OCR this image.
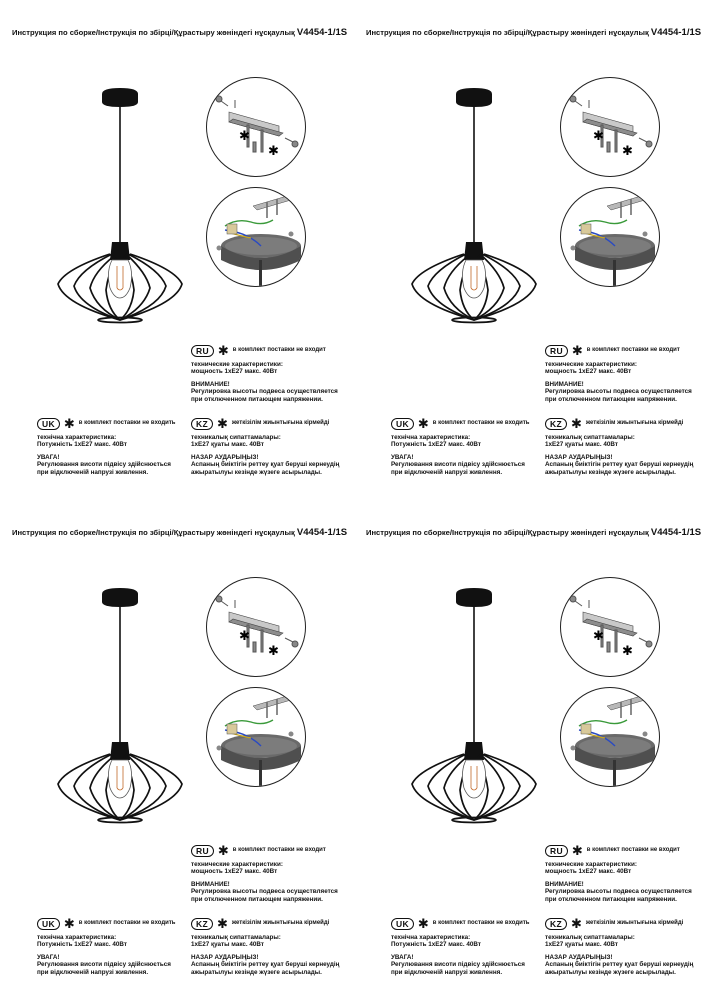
Инструкция по сборке/Інструкція по збірці/Құрастыру жөніндегі нұсқаулық V4454-1/1S
✱
✱
RU ✱ в комплект поставки не входит

технические характеристики:

мощность 1хЕ27 макс. 40Вт

ВНИМАНИЕ!

Регулировка высоты подвеса осуществляется

при отключенном питающем напряжении.

UK ✱ в комплект поставки не входить

технічна характеристика:

Потужність 1хЕ27 макс. 40Вт

УВАГА!

Регулювання висоти підвісу здійснюється

при відключеній напрузі живлення.

KZ ✱ жеткізілім жиынтығына кірмейді

техникалық сипаттамалары:

1хЕ27 қуаты макс. 40Вт

НАЗАР АУДАРЫҢЫЗ!

Аспаның биіктігін реттеу қуат беруші кернеудің

ажыратылуы кезінде жүзеге асырылады.

Инструкция по сборке/Інструкція по збірці/Құрастыру жөніндегі нұсқаулық V4454-1/1S
✱
✱
RU ✱ в комплект поставки не входит

технические характеристики:

мощность 1хЕ27 макс. 40Вт

ВНИМАНИЕ!

Регулировка высоты подвеса осуществляется

при отключенном питающем напряжении.

UK ✱ в комплект поставки не входить

технічна характеристика:

Потужність 1хЕ27 макс. 40Вт

УВАГА!

Регулювання висоти підвісу здійснюється

при відключеній напрузі живлення.

KZ ✱ жеткізілім жиынтығына кірмейді

техникалық сипаттамалары:

1хЕ27 қуаты макс. 40Вт

НАЗАР АУДАРЫҢЫЗ!

Аспаның биіктігін реттеу қуат беруші кернеудің

ажыратылуы кезінде жүзеге асырылады.

Инструкция по сборке/Інструкція по збірці/Құрастыру жөніндегі нұсқаулық V4454-1/1S
✱
✱
RU ✱ в комплект поставки не входит

технические характеристики:

мощность 1хЕ27 макс. 40Вт

ВНИМАНИЕ!

Регулировка высоты подвеса осуществляется

при отключенном питающем напряжении.

UK ✱ в комплект поставки не входить

технічна характеристика:

Потужність 1хЕ27 макс. 40Вт

УВАГА!

Регулювання висоти підвісу здійснюється

при відключеній напрузі живлення.

KZ ✱ жеткізілім жиынтығына кірмейді

техникалық сипаттамалары:

1хЕ27 қуаты макс. 40Вт

НАЗАР АУДАРЫҢЫЗ!

Аспаның биіктігін реттеу қуат беруші кернеудің

ажыратылуы кезінде жүзеге асырылады.

Инструкция по сборке/Інструкція по збірці/Құрастыру жөніндегі нұсқаулық V4454-1/1S
✱
✱
RU ✱ в комплект поставки не входит

технические характеристики:

мощность 1хЕ27 макс. 40Вт

ВНИМАНИЕ!

Регулировка высоты подвеса осуществляется

при отключенном питающем напряжении.

UK ✱ в комплект поставки не входить

технічна характеристика:

Потужність 1хЕ27 макс. 40Вт

УВАГА!

Регулювання висоти підвісу здійснюється

при відключеній напрузі живлення.

KZ ✱ жеткізілім жиынтығына кірмейді

техникалық сипаттамалары:

1хЕ27 қуаты макс. 40Вт

НАЗАР АУДАРЫҢЫЗ!

Аспаның биіктігін реттеу қуат беруші кернеудің

ажыратылуы кезінде жүзеге асырылады.
